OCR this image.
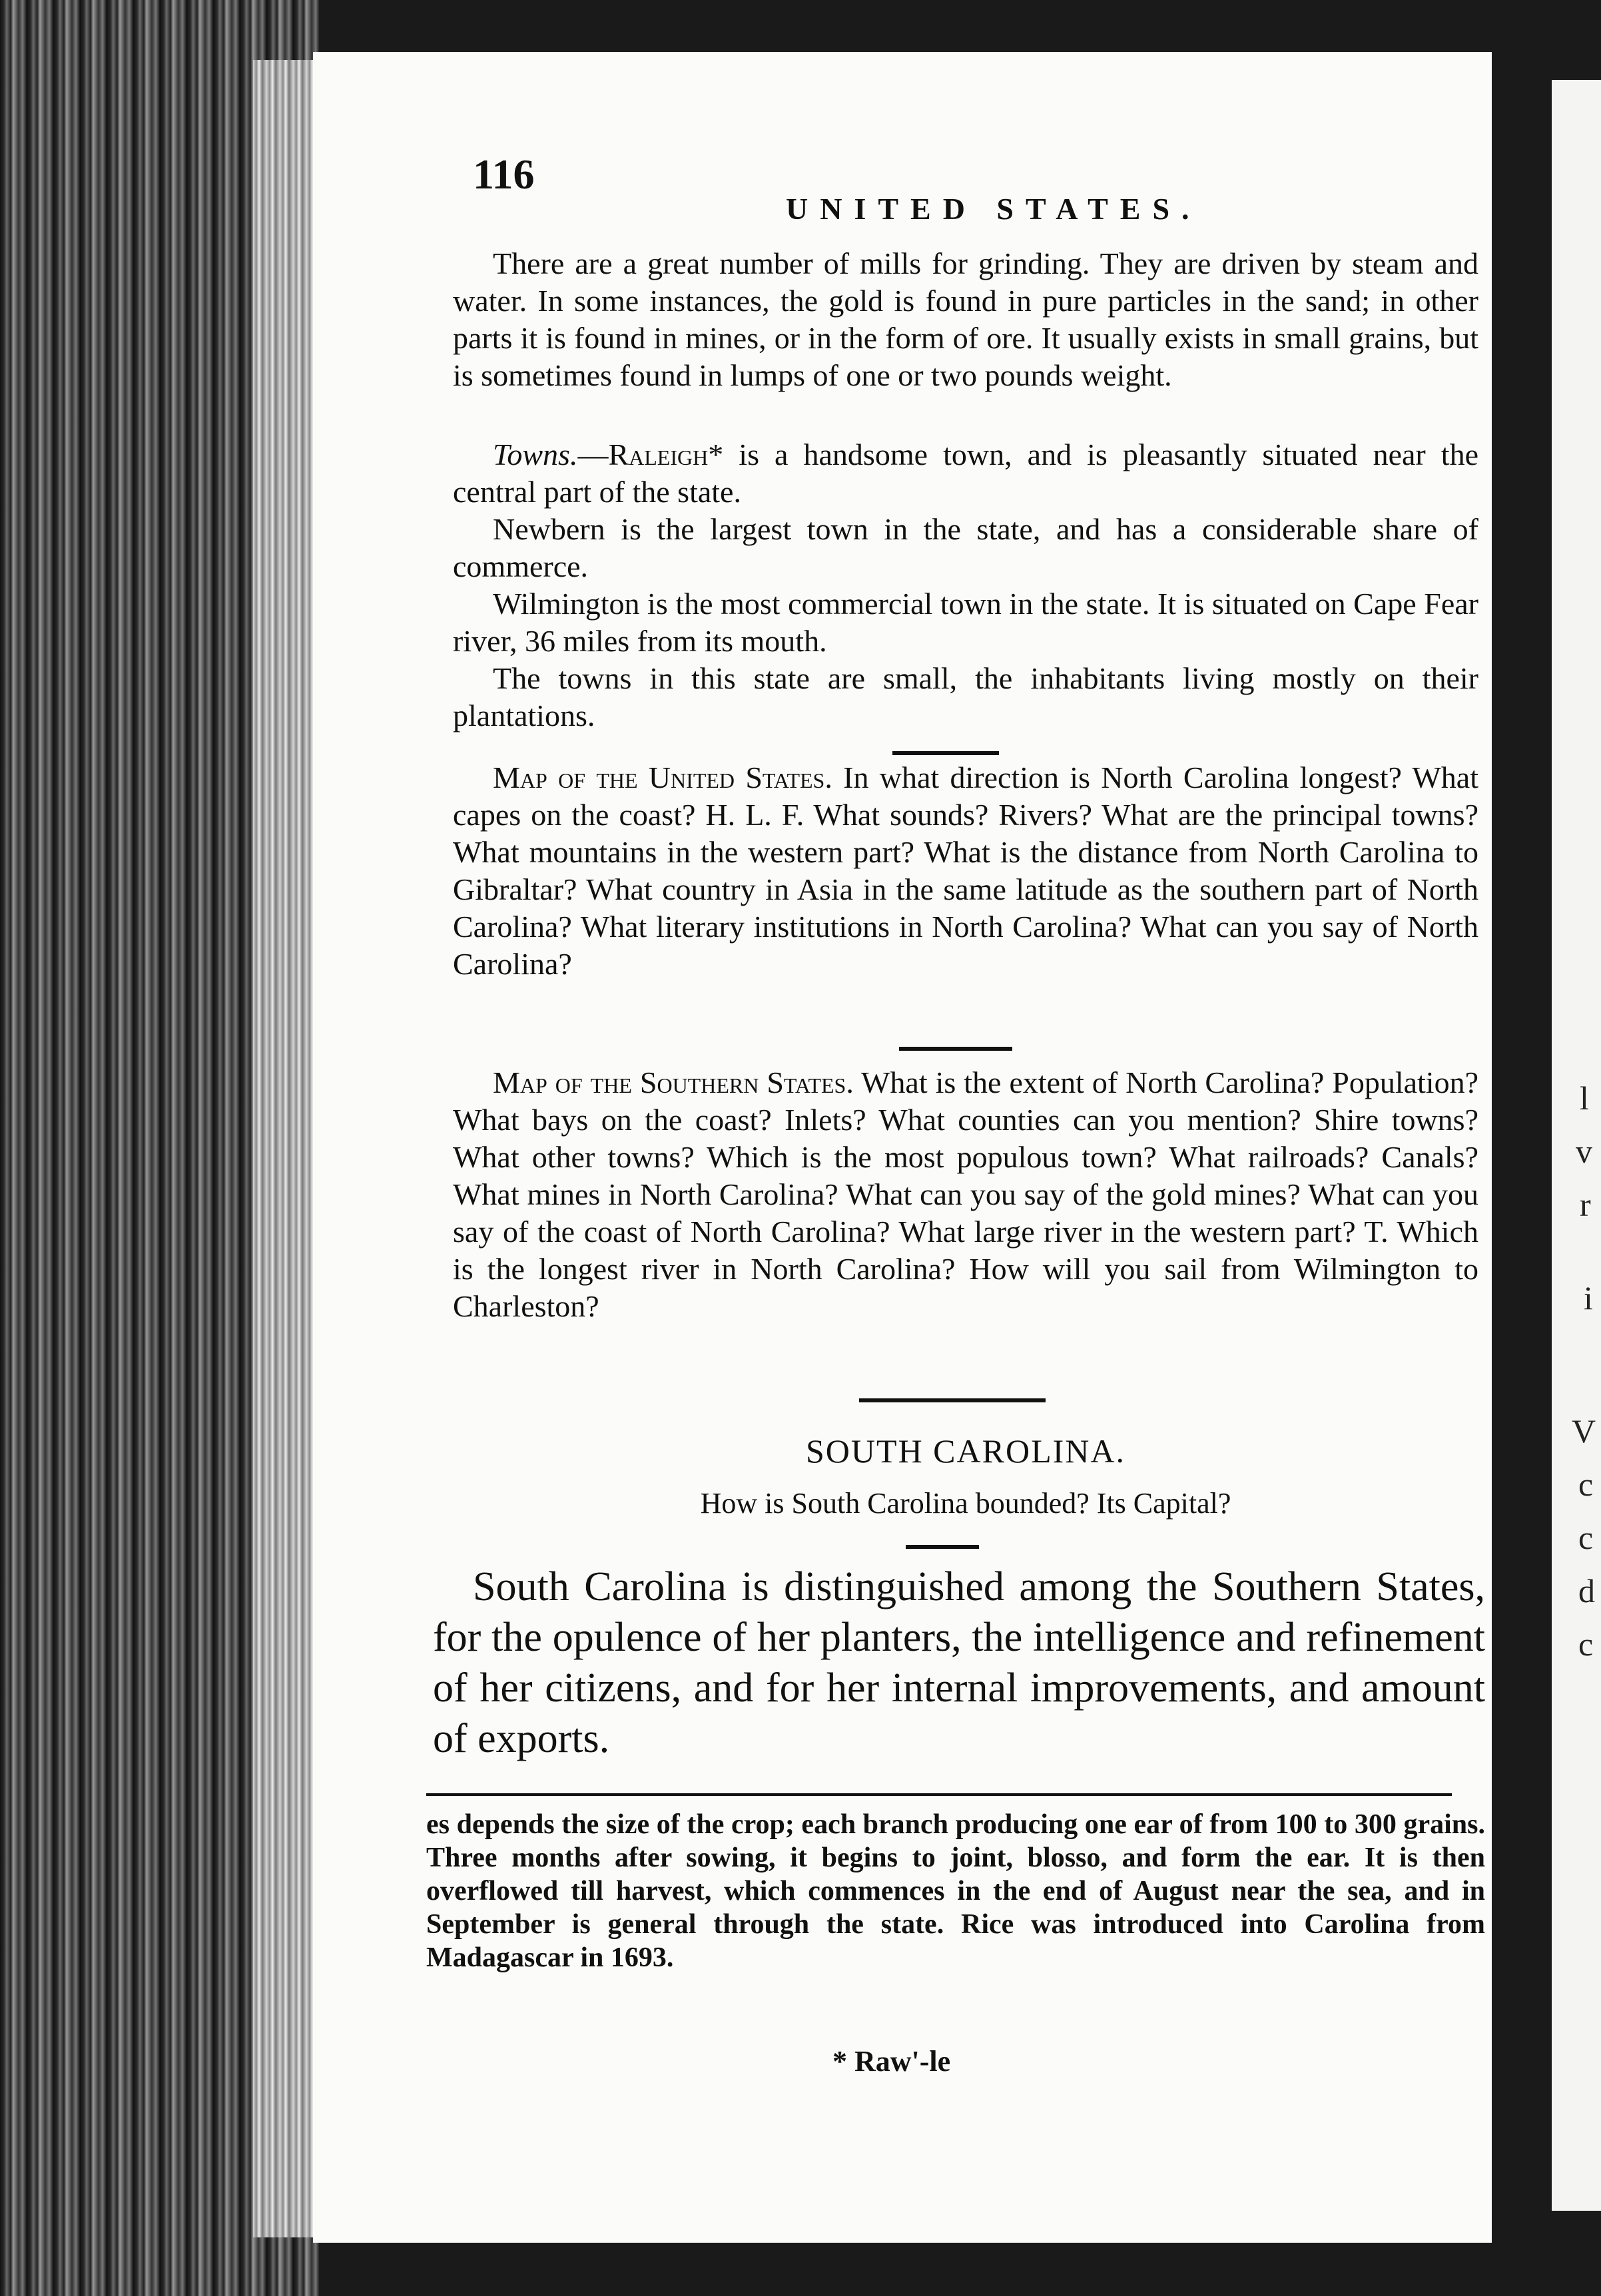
l
v
r
i
V
c
c
d
c
116
UNITED STATES.

There are a great number of mills for grinding. They are driven by steam and water. In some instances, the gold is found in pure particles in the sand; in other parts it is found in mines, or in the form of ore. It usually exists in small grains, but is sometimes found in lumps of one or two pounds weight.

Towns.—Raleigh* is a handsome town, and is pleasantly situated near the central part of the state.

Newbern is the largest town in the state, and has a considerable share of commerce.

Wilmington is the most commercial town in the state. It is situated on Cape Fear river, 36 miles from its mouth.

The towns in this state are small, the inhabitants living mostly on their plantations.

Map of the United States. In what direction is North Carolina longest? What capes on the coast? H. L. F. What sounds? Rivers? What are the principal towns? What mountains in the western part? What is the distance from North Carolina to Gibraltar? What country in Asia in the same latitude as the southern part of North Carolina? What literary institutions in North Carolina? What can you say of North Carolina?

Map of the Southern States. What is the extent of North Carolina? Population? What bays on the coast? Inlets? What counties can you mention? Shire towns? What other towns? Which is the most populous town? What railroads? Canals? What mines in North Carolina? What can you say of the gold mines? What can you say of the coast of North Carolina? What large river in the western part? T. Which is the longest river in North Carolina? How will you sail from Wilmington to Charleston?

SOUTH CAROLINA.
How is South Carolina bounded? Its Capital?
South Carolina is distinguished among the Southern States, for the opulence of her planters, the intelligence and refinement of her citizens, and for her internal improvements, and amount of exports.
es depends the size of the crop; each branch producing one ear of from 100 to 300 grains. Three months after sowing, it begins to joint, blosso, and form the ear. It is then overflowed till harvest, which commences in the end of August near the sea, and in September is general through the state. Rice was introduced into Carolina from Madagascar in 1693.
* Raw'-le
